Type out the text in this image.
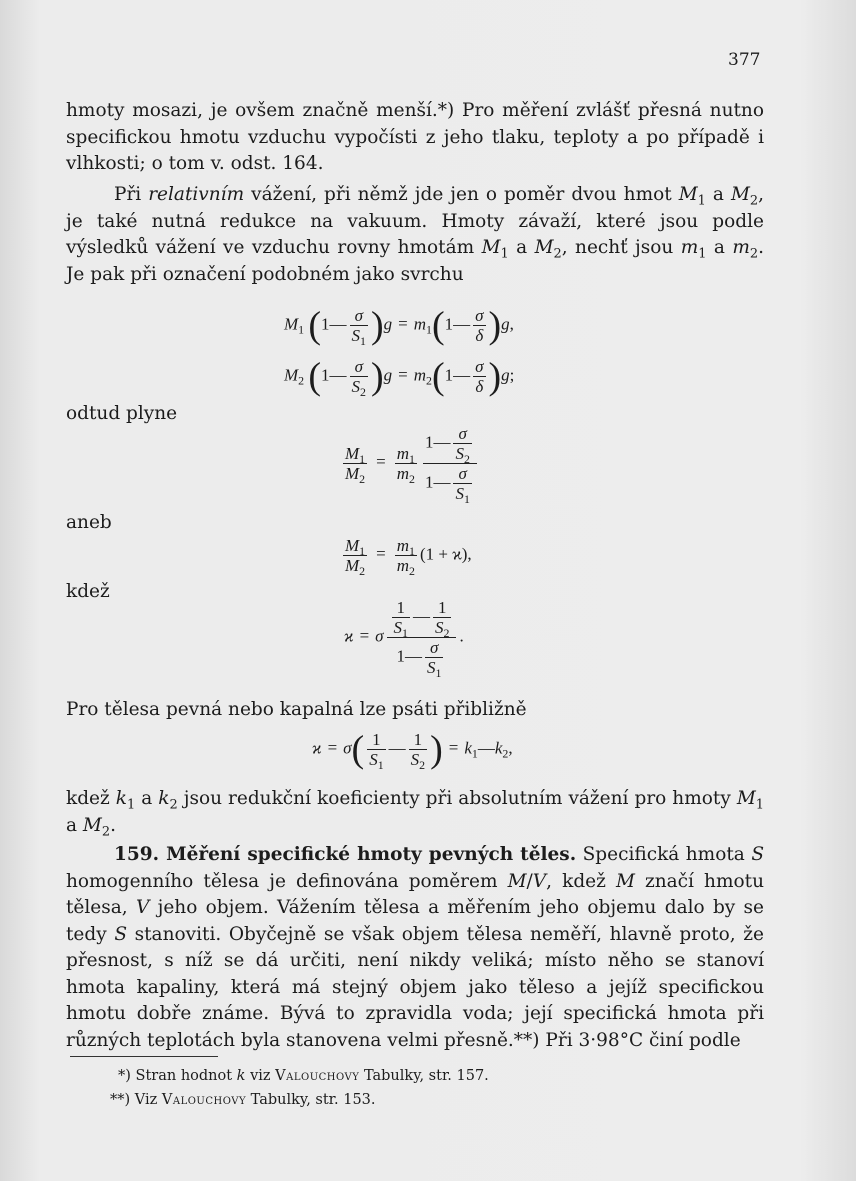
377

hmoty mosazi, je ovšem značně menší.*) Pro měření zvlášť přesná nutno specifickou hmotu vzduchu vypočísti z jeho tlaku, teploty a po případě i vlhkosti; o tom v. odst. 164.

Při relativním vážení, při němž jde jen o poměr dvou hmot $M_1$ a $M_2$, je také nutná redukce na vakuum. Hmoty závaží, které jsou podle výsledků vážení ve vzduchu rovny hmotám $M_1$ a $M_2$, nechť jsou $m_1$ a $m_2$. Je pak při označení podobném jako svrchu

$M_1$ (1— $\frac{\sigma}{S_1} )g$ = $m_1(1— \frac{\sigma}{\delta} )g$,
$M_2$ (1— $\frac{\sigma}{S_2} )g$ = $m_2(1— \frac{\sigma}{\delta} )g$;
odtud plyne
$\frac{M_1}{M_2} = \frac{m_1}{m_2} \frac{1— \frac{\sigma}{S_2}}{1— \frac{\sigma}{S_1}}$
aneb
$\frac{M_1}{M_2} = \frac{m_1}{m_2} (1 + ϰ)$,
kdež
ϰ = σ $\frac{\frac{1}{S_1} — \frac{1}{S_2}}{1— \frac{\sigma}{S_1}}$ .

Pro tělesa pevná nebo kapalná lze psáti přibližně

$ϰ = \sigma( \frac{1}{S_1}$ — $\frac{1}{S_2}$ ) = $k_1—k_2$,

kdež $k_1$ a $k_2$ jsou redukční koeficienty při absolutním vážení pro hmoty $M_1$ a $M_2$.

159. Měření specifické hmoty pevných těles. Specifická hmota S homogenního tělesa je definována poměrem M/V, kdež M značí hmotu tělesa, V jeho objem. Vážením tělesa a měřením jeho objemu dalo by se tedy S stanoviti. Obyčejně se však objem tělesa neměří, hlavně proto, že přesnost, s níž se dá určiti, není nikdy veliká; místo něho se stanoví hmota kapaliny, která má stejný objem jako těleso a jejíž specifickou hmotu dobře známe. Bývá to zpravidla voda; její specifická hmota při různých teplotách byla stanovena velmi přesně.**) Při 3·98°C činí podle

*) Stran hodnot k viz Valouchovy Tabulky, str. 157.
**) Viz Valouchovy Tabulky, str. 153.
